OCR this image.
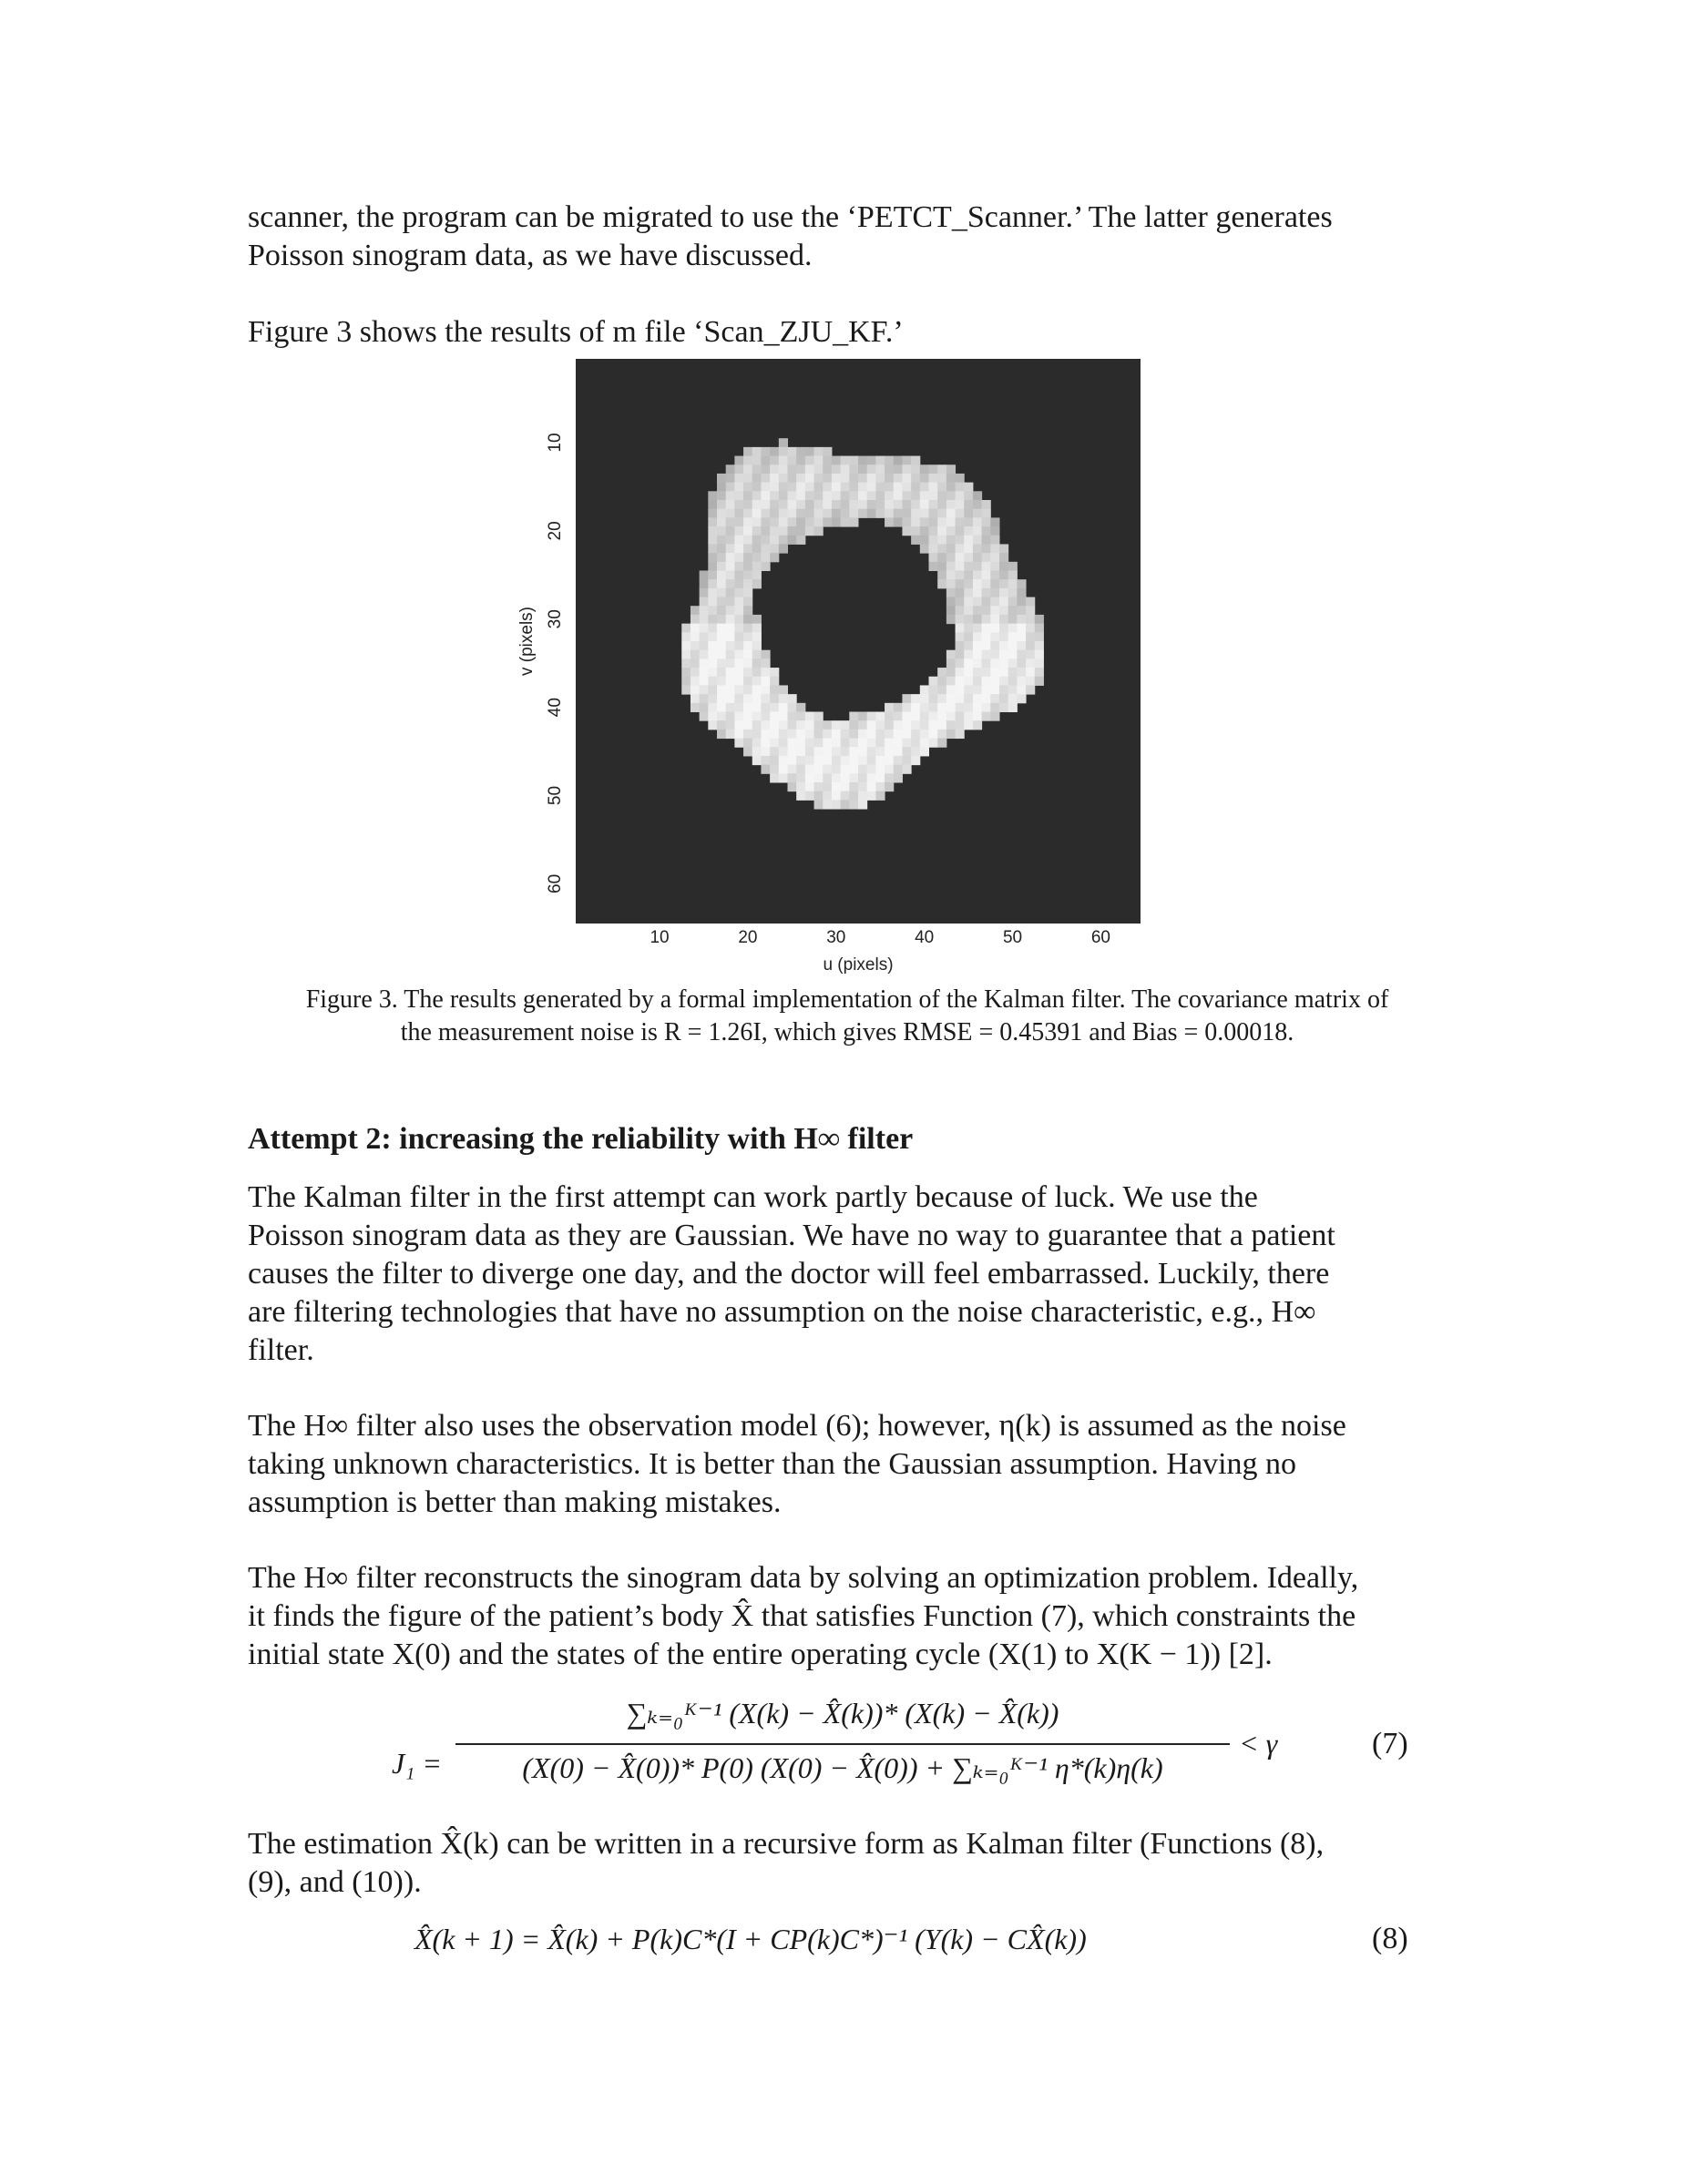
scanner, the program can be migrated to use the ‘PETCT_Scanner.’ The latter generates
Poisson sinogram data, as we have discussed.
Figure 3 shows the results of m file ‘Scan_ZJU_KF.’
10	20	30	40	50	60
10
20
30
40
50
60
u (pixels)
v (pixels)
Figure 3. The results generated by a formal implementation of the Kalman filter. The covariance matrix of
the measurement noise is R = 1.26I, which gives RMSE = 0.45391 and Bias = 0.00018.
Attempt 2: increasing the reliability with H∞ filter
The Kalman filter in the first attempt can work partly because of luck. We use the
Poisson sinogram data as they are Gaussian. We have no way to guarantee that a patient
causes the filter to diverge one day, and the doctor will feel embarrassed. Luckily, there
are filtering technologies that have no assumption on the noise characteristic, e.g., H∞
filter.
The H∞ filter also uses the observation model (6); however, η(k) is assumed as the noise
taking unknown characteristics. It is better than the Gaussian assumption. Having no
assumption is better than making mistakes.
The H∞ filter reconstructs the sinogram data by solving an optimization problem. Ideally,
it finds the figure of the patient’s body X̂ that satisfies Function (7), which constraints the
initial state X(0) and the states of the entire operating cycle (X(1) to X(K − 1)) [2].
J₁ =
∑ₖ₌₀ᴷ⁻¹ (X(k) − X̂(k))* (X(k) − X̂(k))
(X(0) − X̂(0))* P(0) (X(0) − X̂(0)) + ∑ₖ₌₀ᴷ⁻¹ η*(k)η(k)
< γ	(7)
The estimation X̂(k) can be written in a recursive form as Kalman filter (Functions (8),
(9), and (10)).
X̂(k + 1) = X̂(k) + P(k)C*(I + CP(k)C*)⁻¹ (Y(k) − CX̂(k))	(8)
